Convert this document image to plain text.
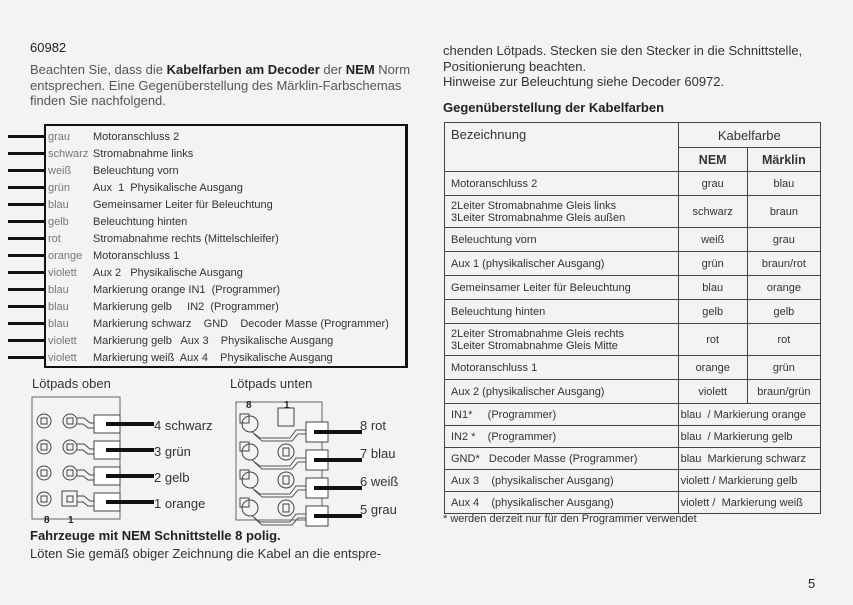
60982
Beachten Sie, dass die Kabelfarben am Decoder der NEM Norm entsprechen. Eine Gegenüberstellung des Märklin-Farbschemas finden Sie nachfolgend.
grau Motoranschluss 2
schwarz Stromabnahme links
weiß Beleuchtung vorn
grün Aux  1  Physikalische Ausgang
blau Gemeinsamer Leiter für Beleuchtung
gelb Beleuchtung hinten
rot	Stromabnahme rechts (Mittelschleifer)
orange Motoranschluss 1
violett Aux 2   Physikalische Ausgang
blau Markierung orange IN1  (Programmer)
blau Markierung gelb     IN2  (Programmer)
blau Markierung schwarz    GND    Decoder Masse (Programmer)
violett Markierung gelb   Aux 3    Physikalische Ausgang
violett Markierung weiß  Aux 4    Physikalische Ausgang
Lötpads oben
8 1
4 schwarz
3 grün
2 gelb
1 orange
Lötpads unten
8	1
8 rot
7 blau
6 weiß
5 grau
Fahrzeuge mit NEM Schnittstelle 8 polig.
Löten Sie gemäß obiger Zeichnung die Kabel an die entspre-
chenden Lötpads. Stecken sie den Stecker in die Schnittstelle,
Positionierung beachten.
Hinweise zur Beleuchtung siehe Decoder 60972.
Gegenüberstellung der Kabelfarben
Bezeichnung	Kabelfarbe	
	NEM	Märklin

Motoranschluss 2	grau	blau

2Leiter Stromabnahme Gleis links
3Leiter Stromabnahme Gleis außen	schwarz	braun

Beleuchtung vorn	weiß	grau

Aux 1 (physikalischer Ausgang)	grün	braun/rot

Gemeinsamer Leiter für Beleuchtung	blau	orange

Beleuchtung hinten	gelb	gelb

2Leiter Stromabnahme Gleis rechts
3Leiter Stromabnahme Gleis Mitte	rot	rot

Motoranschluss 1	orange	grün

Aux 2 (physikalischer Ausgang)	violett	braun/grün
IN1*     (Programmer)	blau  / Markierung orange	
IN2 *    (Programmer)	blau  / Markierung gelb	
GND*   Decoder Masse (Programmer)	blau  Markierung schwarz	
Aux 3    (physikalischer Ausgang)	violett / Markierung gelb	
Aux 4    (physikalischer Ausgang)	violett /  Markierung weiß	
* werden derzeit nur für den Programmer verwendet
5
